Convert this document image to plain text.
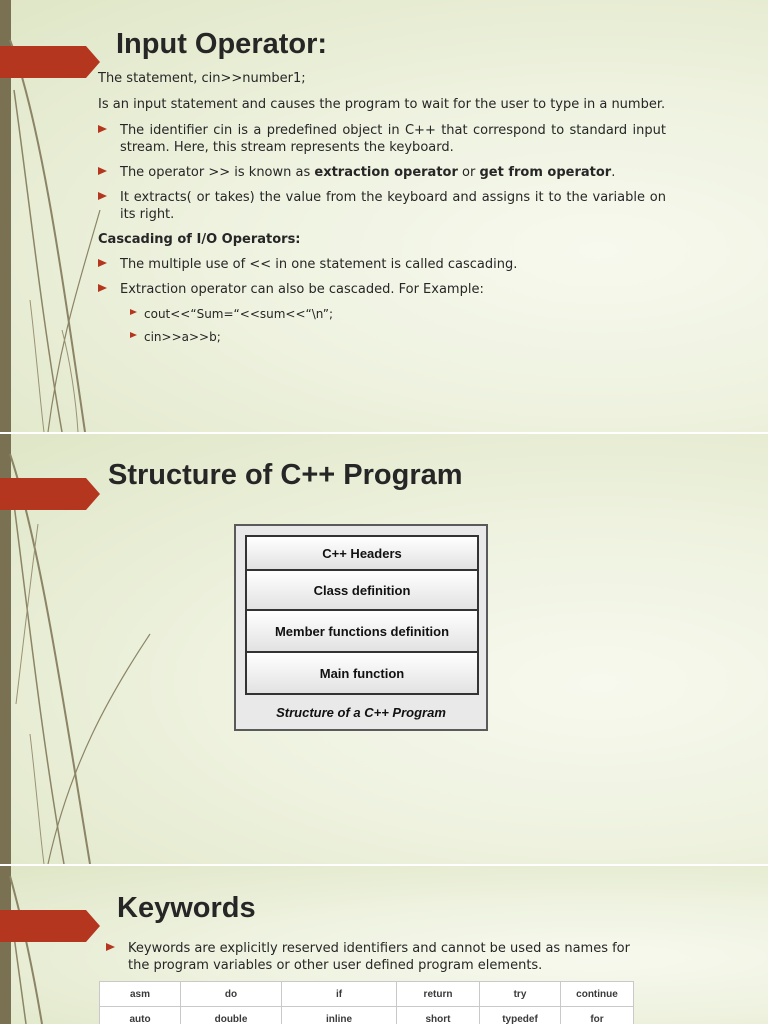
Input Operator:

The statement, cin>>number1;

Is an input statement and causes the program to wait for the user to type in a number.

The identifier cin is a predefined object in C++ that correspond to standard input stream. Here, this stream represents the keyboard.

The operator >> is known as extraction operator or get from operator.

It extracts( or takes) the value from the keyboard and assigns it to the variable on its right.

Cascading of I/O Operators:

The multiple use of << in one statement is called cascading.

Extraction operator can also be cascaded. For Example:

cout<<“Sum=“<<sum<<“\n”;

cin>>a>>b;

Structure of C++ Program
C++ Headers
Class definition
Member functions definition
Main function
Structure of a C++ Program
Keywords

Keywords are explicitly reserved identifiers and cannot be used as names for the program variables or other user defined program elements.

asm	do	if	return	try	continue
auto	double	inline	short	typedef	for
